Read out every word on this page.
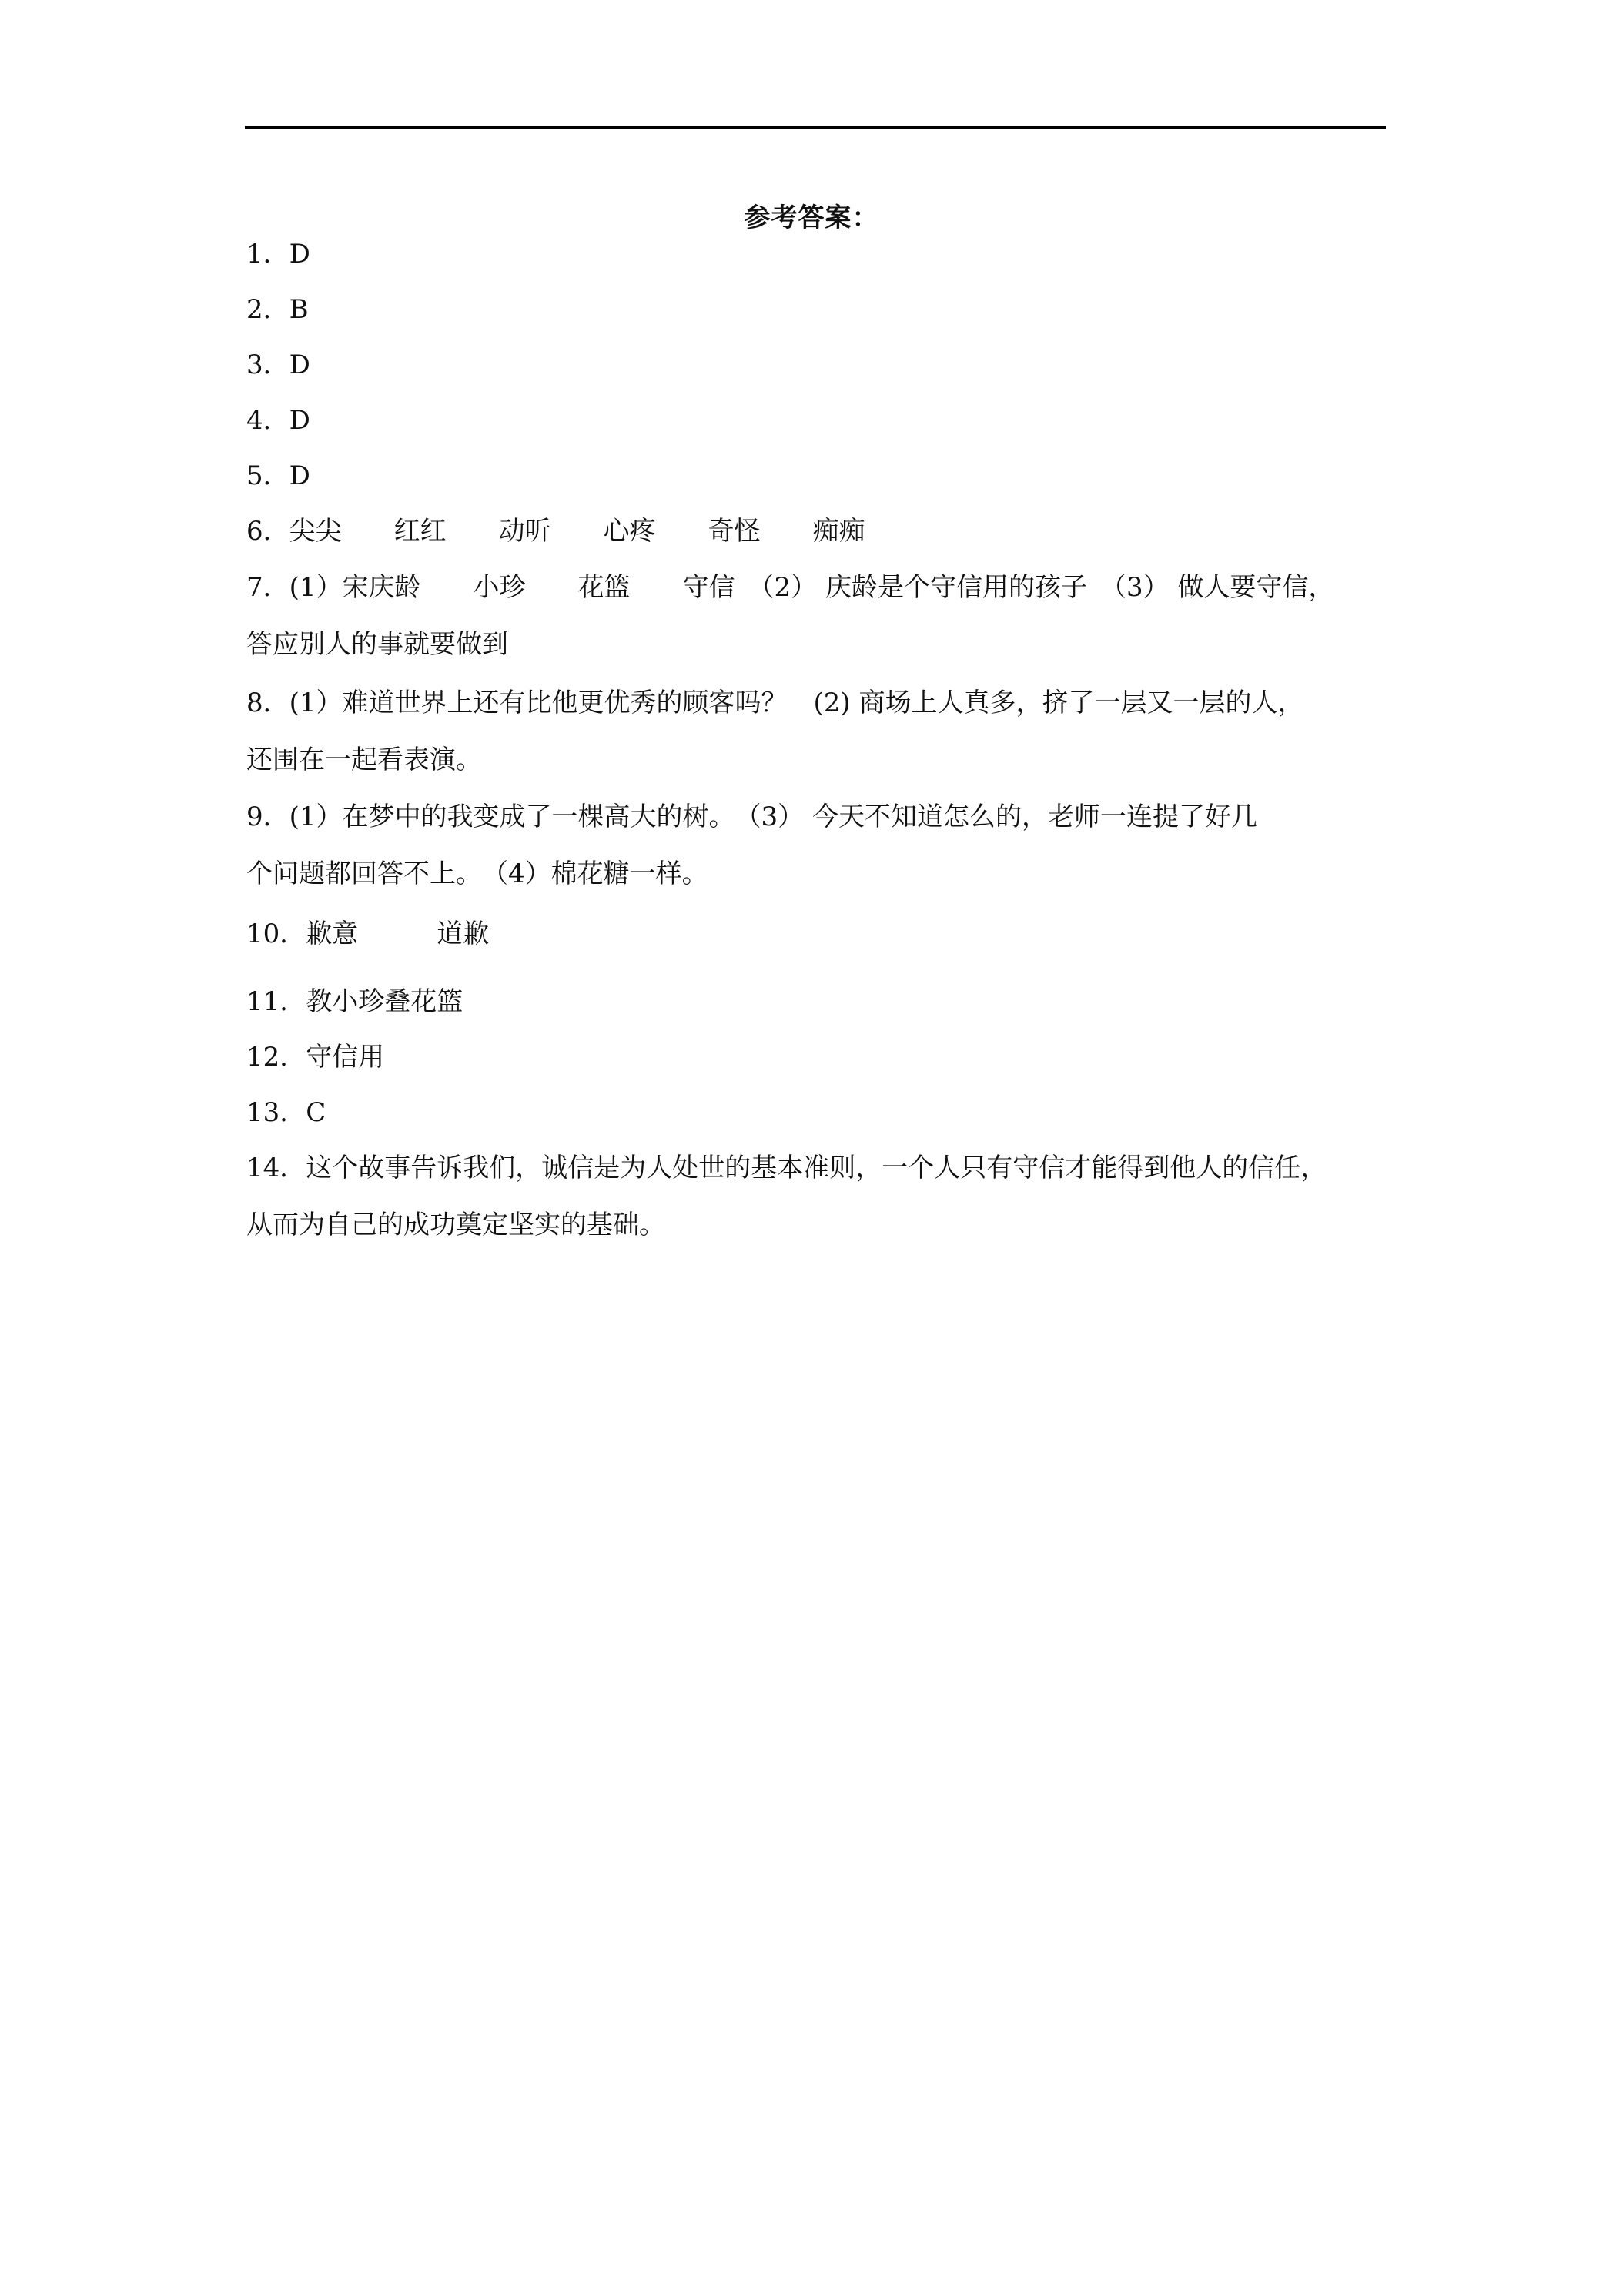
参考答案：
1．D
2．B
3．D
4．D
5．D
6．尖尖　　红红　　动听　　心疼　　奇怪　　痴痴
7．(1）宋庆龄　　小珍　　花篮　　守信　（2） 庆龄是个守信用的孩子　（3） 做人要守信，
答应别人的事就要做到
8．(1）难道世界上还有比他更优秀的顾客吗？　(2) 商场上人真多，挤了一层又一层的人，
还围在一起看表演。
9．(1）在梦中的我变成了一棵高大的树。　（3） 今天不知道怎么的，老师一连提了好几
个问题都回答不上。　（4）棉花糖一样。
10．歉意　　　道歉
11．教小珍叠花篮
12．守信用
13．C
14．这个故事告诉我们，诚信是为人处世的基本准则，一个人只有守信才能得到他人的信任，
从而为自己的成功奠定坚实的基础。
